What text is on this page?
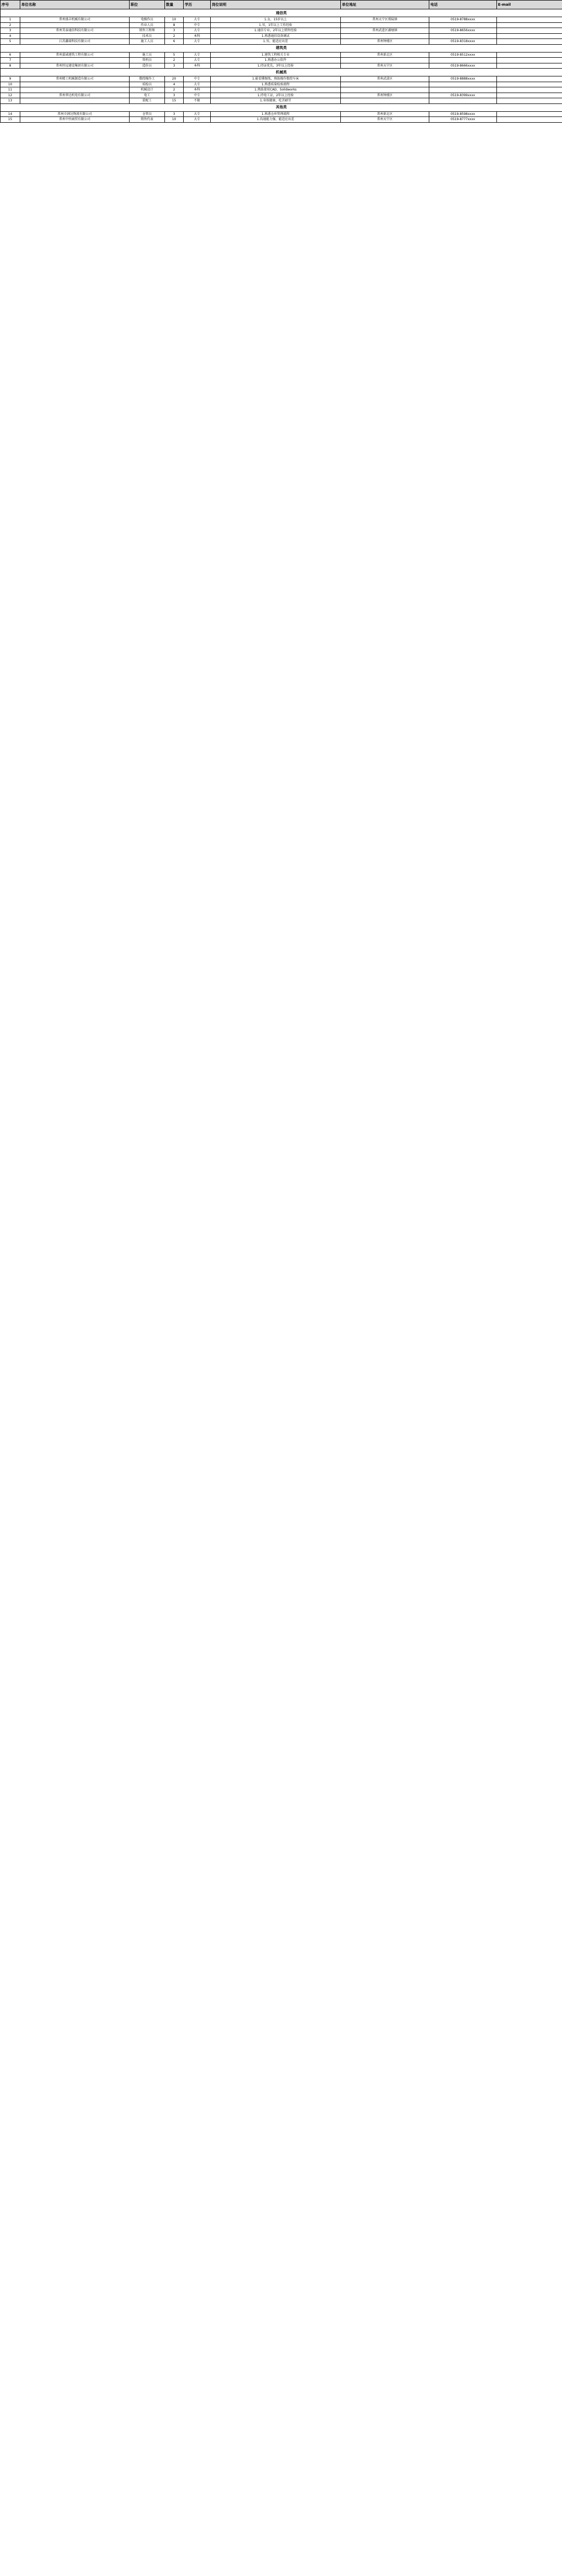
序号	单位名称	职位	数量	学历	岗位说明	单位地址	电话	E-mail
通信类								
1	常州盛丰机械有限公司	电操作员	10	大专	1.女，15岁以上	常州天宁区郑陆镇	0519-8788xxxx	
2		作业人员	8	中专	1.男，1年以上工作经验			
3	常州美泰通信科技有限公司	销售工程师	3	大专	1.通信专业，2年以上销售经验	常州武进区湖塘镇	0519-8656xxxx	
4		技术员	2	本科	1.熟悉通信设备调试			
5	江苏鑫瑞科技有限公司	施工人员	6	大专	1.男，能适应出差	常州钟楼区	0519-8318xxxx	
建筑类								
6	常州嘉诚建筑工程有限公司	施工员	5	大专	1.建筑工程相关专业	常州新北区	0519-8512xxxx	
7		资料员	2	大专	1.熟悉办公软件			
8	常州恒远建设集团有限公司	造价员	3	本科	1.持证优先，3年以上经验	常州天宁区	0519-8666xxxx	
机械类								
9	常州精工机械制造有限公司	数控操作工	20	中专	1.能看懂图纸，熟练操作数控车床	常州武进区	0519-8888xxxx	
10		质检员	4	大专	1.熟悉质量检验流程			
11		机械设计	2	本科	1.熟练使用CAD、Solidworks			
12	常州华达机电有限公司	电工	3	中专	1.持电工证，2年以上经验	常州钟楼区	0519-8399xxxx	
13		装配工	15	不限	1.身体健康，吃苦耐劳			
其他类								
14	常州市润达物流有限公司	仓管员	3	大专	1.熟悉仓库管理流程	常州新北区	0519-8598xxxx	
15	常州中恒商贸有限公司	销售代表	10	大专	1.沟通能力强，能适应出差	常州天宁区	0519-8777xxxx	
